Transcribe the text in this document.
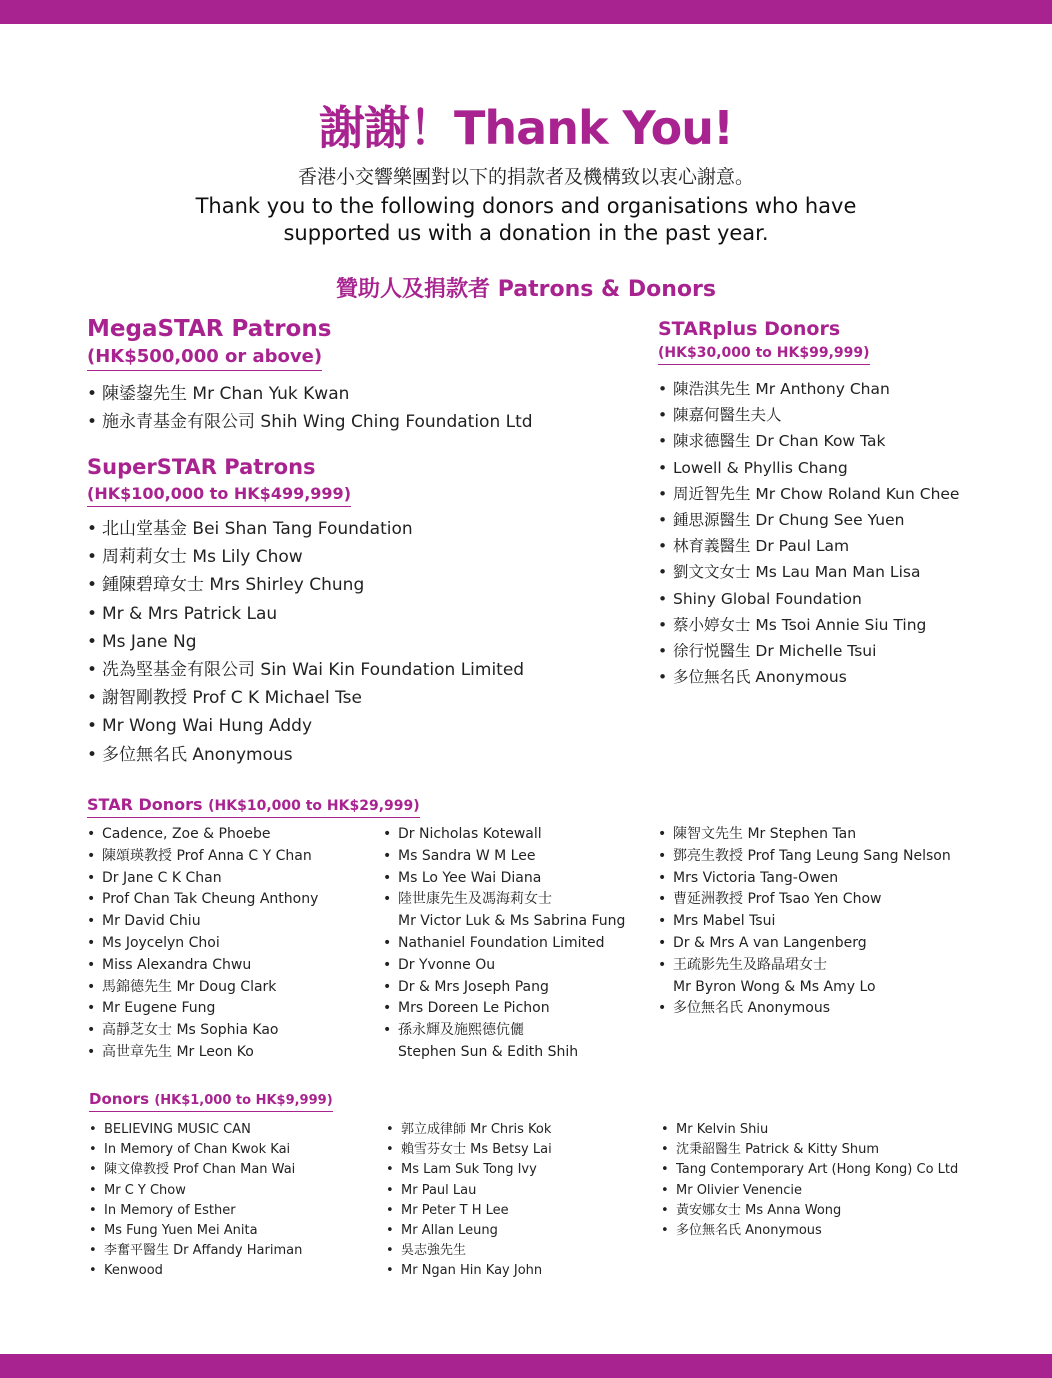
謝謝！Thank You!
香港小交響樂團對以下的捐款者及機構致以衷心謝意。
Thank you to the following donors and organisations who have
supported us with a donation in the past year.
贊助人及捐款者 Patrons & Donors
MegaSTAR Patrons
(HK$500,000 or above)
• 陳鋈鋆先生 Mr Chan Yuk Kwan
• 施永青基金有限公司 Shih Wing Ching Foundation Ltd
SuperSTAR Patrons
(HK$100,000 to HK$499,999)
• 北山堂基金 Bei Shan Tang Foundation
• 周莉莉女士 Ms Lily Chow
• 鍾陳碧璋女士 Mrs Shirley Chung
• Mr & Mrs Patrick Lau
• Ms Jane Ng
• 冼為堅基金有限公司 Sin Wai Kin Foundation Limited
• 謝智剛教授 Prof C K Michael Tse
• Mr Wong Wai Hung Addy
• 多位無名氏 Anonymous
STARplus Donors
(HK$30,000 to HK$99,999)
• 陳浩淇先生 Mr Anthony Chan
• 陳嘉何醫生夫人
• 陳求德醫生 Dr Chan Kow Tak
• Lowell & Phyllis Chang
• 周近智先生 Mr Chow Roland Kun Chee
• 鍾思源醫生 Dr Chung See Yuen
• 林育義醫生 Dr Paul Lam
• 劉文文女士 Ms Lau Man Man Lisa
• Shiny Global Foundation
• 蔡小婷女士 Ms Tsoi Annie Siu Ting
• 徐行悦醫生 Dr Michelle Tsui
• 多位無名氏 Anonymous
STAR Donors (HK$10,000 to HK$29,999)
• Cadence, Zoe & Phoebe
• 陳頌瑛教授 Prof Anna C Y Chan
• Dr Jane C K Chan
• Prof Chan Tak Cheung Anthony
• Mr David Chiu
• Ms Joycelyn Choi
• Miss Alexandra Chwu
• 馬錦德先生 Mr Doug Clark
• Mr Eugene Fung
• 高靜芝女士 Ms Sophia Kao
• 高世章先生 Mr Leon Ko
• Dr Nicholas Kotewall
• Ms Sandra W M Lee
• Ms Lo Yee Wai Diana
• 陸世康先生及馮海莉女士
Mr Victor Luk & Ms Sabrina Fung
• Nathaniel Foundation Limited
• Dr Yvonne Ou
• Dr & Mrs Joseph Pang
• Mrs Doreen Le Pichon
• 孫永輝及施熙德伉儷
Stephen Sun & Edith Shih
• 陳智文先生 Mr Stephen Tan
• 鄧亮生教授 Prof Tang Leung Sang Nelson
• Mrs Victoria Tang-Owen
• 曹延洲教授 Prof Tsao Yen Chow
• Mrs Mabel Tsui
• Dr & Mrs A van Langenberg
• 王疏影先生及路晶珺女士
Mr Byron Wong & Ms Amy Lo
• 多位無名氏 Anonymous
Donors (HK$1,000 to HK$9,999)
• BELIEVING MUSIC CAN
• In Memory of Chan Kwok Kai
• 陳文偉教授 Prof Chan Man Wai
• Mr C Y Chow
• In Memory of Esther
• Ms Fung Yuen Mei Anita
• 李奮平醫生 Dr Affandy Hariman
• Kenwood
• 郭立成律師 Mr Chris Kok
• 賴雪芬女士 Ms Betsy Lai
• Ms Lam Suk Tong Ivy
• Mr Paul Lau
• Mr Peter T H Lee
• Mr Allan Leung
• 吳志強先生
• Mr Ngan Hin Kay John
• Mr Kelvin Shiu
• 沈秉韶醫生 Patrick & Kitty Shum
• Tang Contemporary Art (Hong Kong) Co Ltd
• Mr Olivier Venencie
• 黃安娜女士 Ms Anna Wong
• 多位無名氏 Anonymous
